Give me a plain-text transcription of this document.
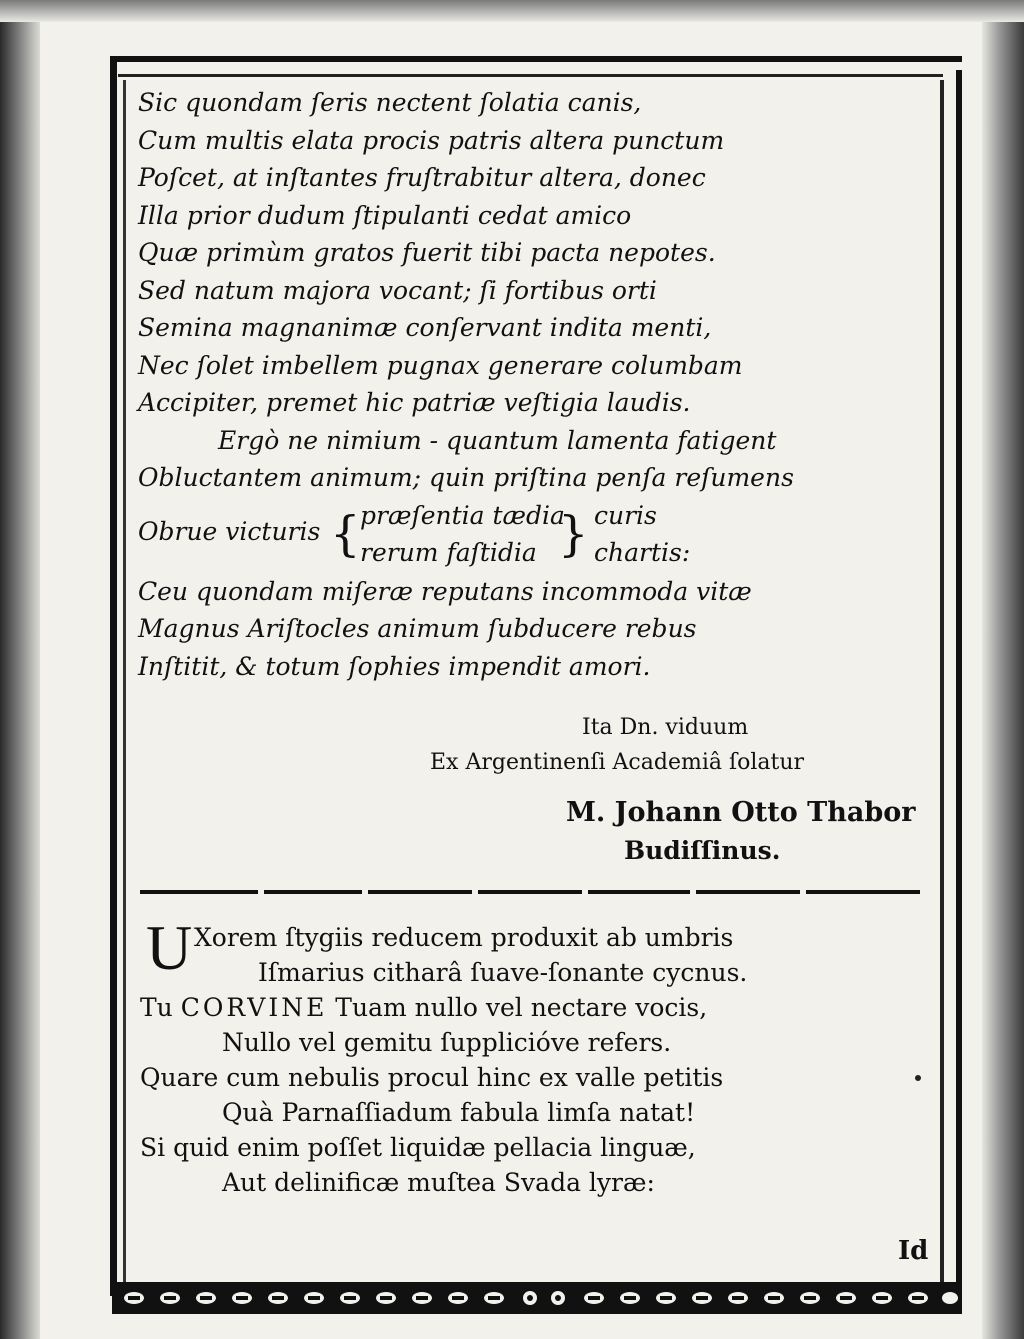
Sic quondam ſeris nectent ſolatia canis,

Cum multis elata procis patris altera punctum

Poſcet, at inſtantes fruſtrabitur altera, donec

Illa prior dudum ſtipulanti cedat amico

Quæ primùm gratos fuerit tibi pacta nepotes.

Sed natum majora vocant; ſi fortibus orti

Semina magnanimæ conſervant indita menti,

Nec ſolet imbellem pugnax generare columbam

Accipiter, premet hic patriæ veſtigia laudis.

Ergò ne nimium - quantum lamenta fatigent

Obluctantem animum; quin priſtina penſa reſumens

Obrue victuris { præſentia tædia
rerum faſtidia } curis
chartis:

Ceu quondam miſeræ reputans incommoda vitæ

Magnus Ariſtocles animum ſubducere rebus

Inſtitit, & totum ſophies impendit amori.

Ita Dn. viduum
Ex Argentinenſi Academiâ ſolatur
M. Johann Otto Thabor
Budiſſinus.
U Xorem ſtygiis reducem produxit ab umbris

Iſmarius citharâ ſuave-ſonante cycnus.

Tu CORVINE Tuam nullo vel nectare vocis,

Nullo vel gemitu ſupplicióve refers.

Quare cum nebulis procul hinc ex valle petitis

Quà Parnaſſiadum fabula limſa natat!

Si quid enim poſſet liquidæ pellacia linguæ,

Aut delinificæ muſtea Svada lyræ:

Id
